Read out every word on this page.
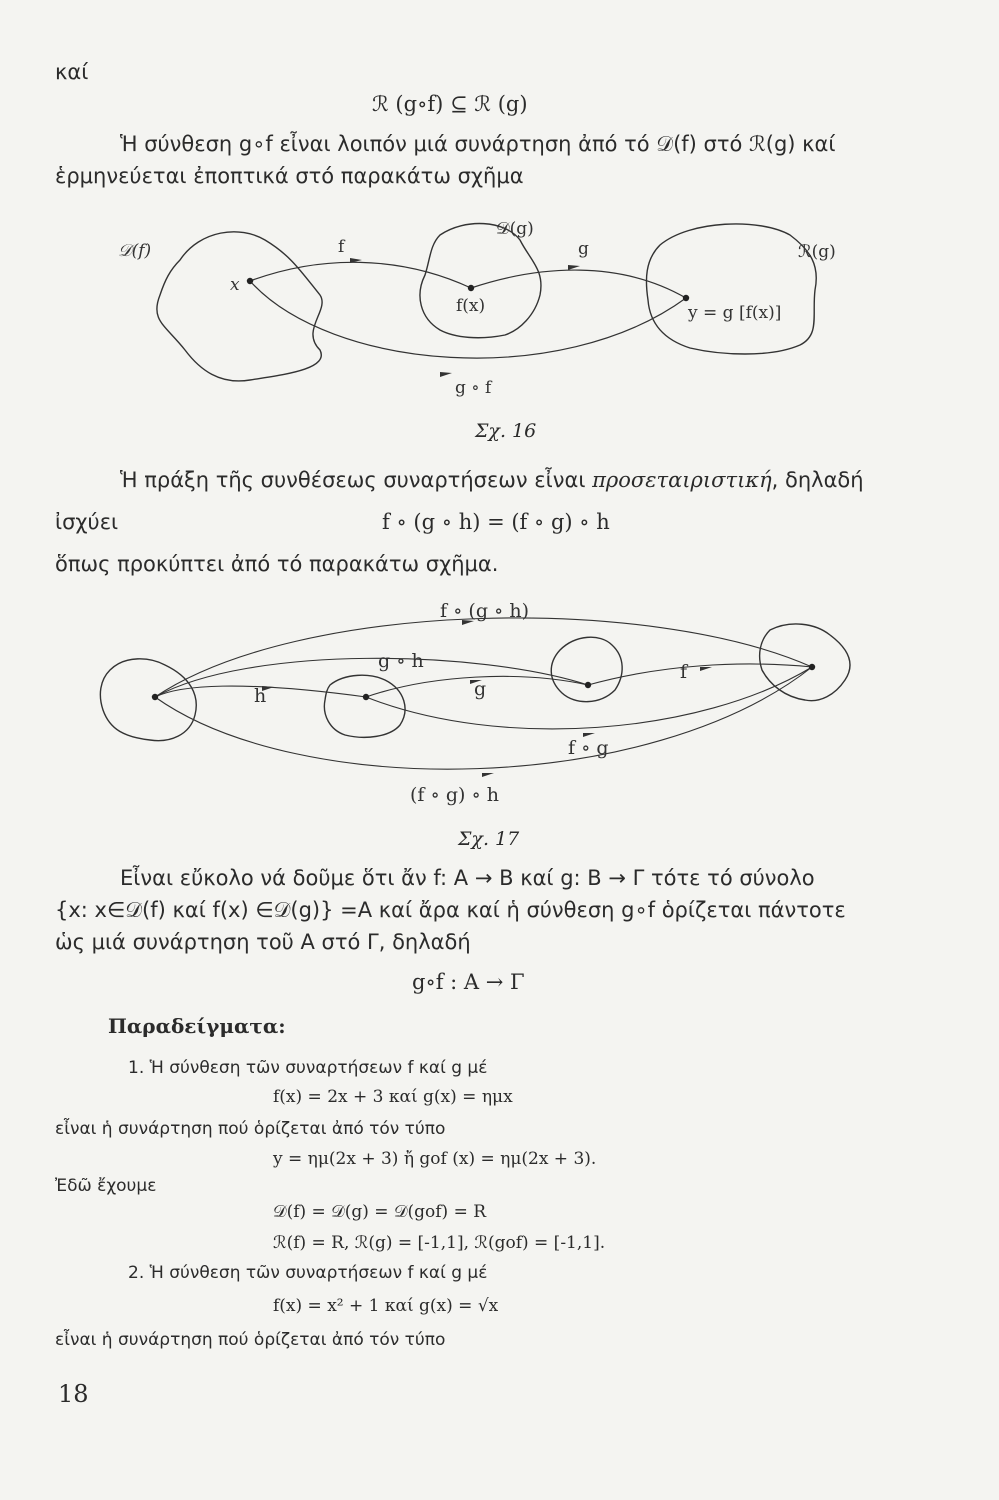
καί
ℛ (g∘f) ⊆ ℛ (g)
Ἡ σύνθεση g∘f εἶναι λοιπόν μιά συνάρτηση ἀπό τό 𝒟(f) στό ℛ(g) καί
ἑρμηνεύεται ἐποπτικά στό παρακάτω σχῆμα
𝒟(f)	f
𝒟(g)
g	ℛ(g)
x
f(x)	y = g [f(x)]
g ∘ f
Σχ. 16
Ἡ πράξη τῆς συνθέσεως συναρτήσεων εἶναι προσεταιριστική, δηλαδή
ἰσχύει	f ∘ (g ∘ h) = (f ∘ g) ∘ h
ὅπως προκύπτει ἀπό τό παρακάτω σχῆμα.
f ∘ (g ∘ h)
g ∘ h
h	g
f
f ∘ g
(f ∘ g) ∘ h
Σχ. 17
Εἶναι εὔκολο νά δοῦμε ὅτι ἄν f: A → B καί g: B → Γ τότε τό σύνολο
{x: x∈𝒟(f) καί f(x) ∈𝒟(g)} =A καί ἄρα καί ἡ σύνθεση g∘f ὁρίζεται πάντοτε
ὡς μιά συνάρτηση τοῦ A στό Γ, δηλαδή
g∘f : A → Γ
Παραδείγματα:
1. Ἡ σύνθεση τῶν συναρτήσεων f καί g μέ
f(x) = 2x + 3 καί g(x) = ημx
εἶναι ἡ συνάρτηση πού ὁρίζεται ἀπό τόν τύπο
y = ημ(2x + 3) ἤ gof (x) = ημ(2x + 3).
Ἐδῶ ἔχουμε
𝒟(f) = 𝒟(g) = 𝒟(gof) = R
ℛ(f) = R, ℛ(g) = [-1,1], ℛ(gof) = [-1,1].
2. Ἡ σύνθεση τῶν συναρτήσεων f καί g μέ
f(x) = x² + 1 καί g(x) = √x
εἶναι ἡ συνάρτηση πού ὁρίζεται ἀπό τόν τύπο
18
